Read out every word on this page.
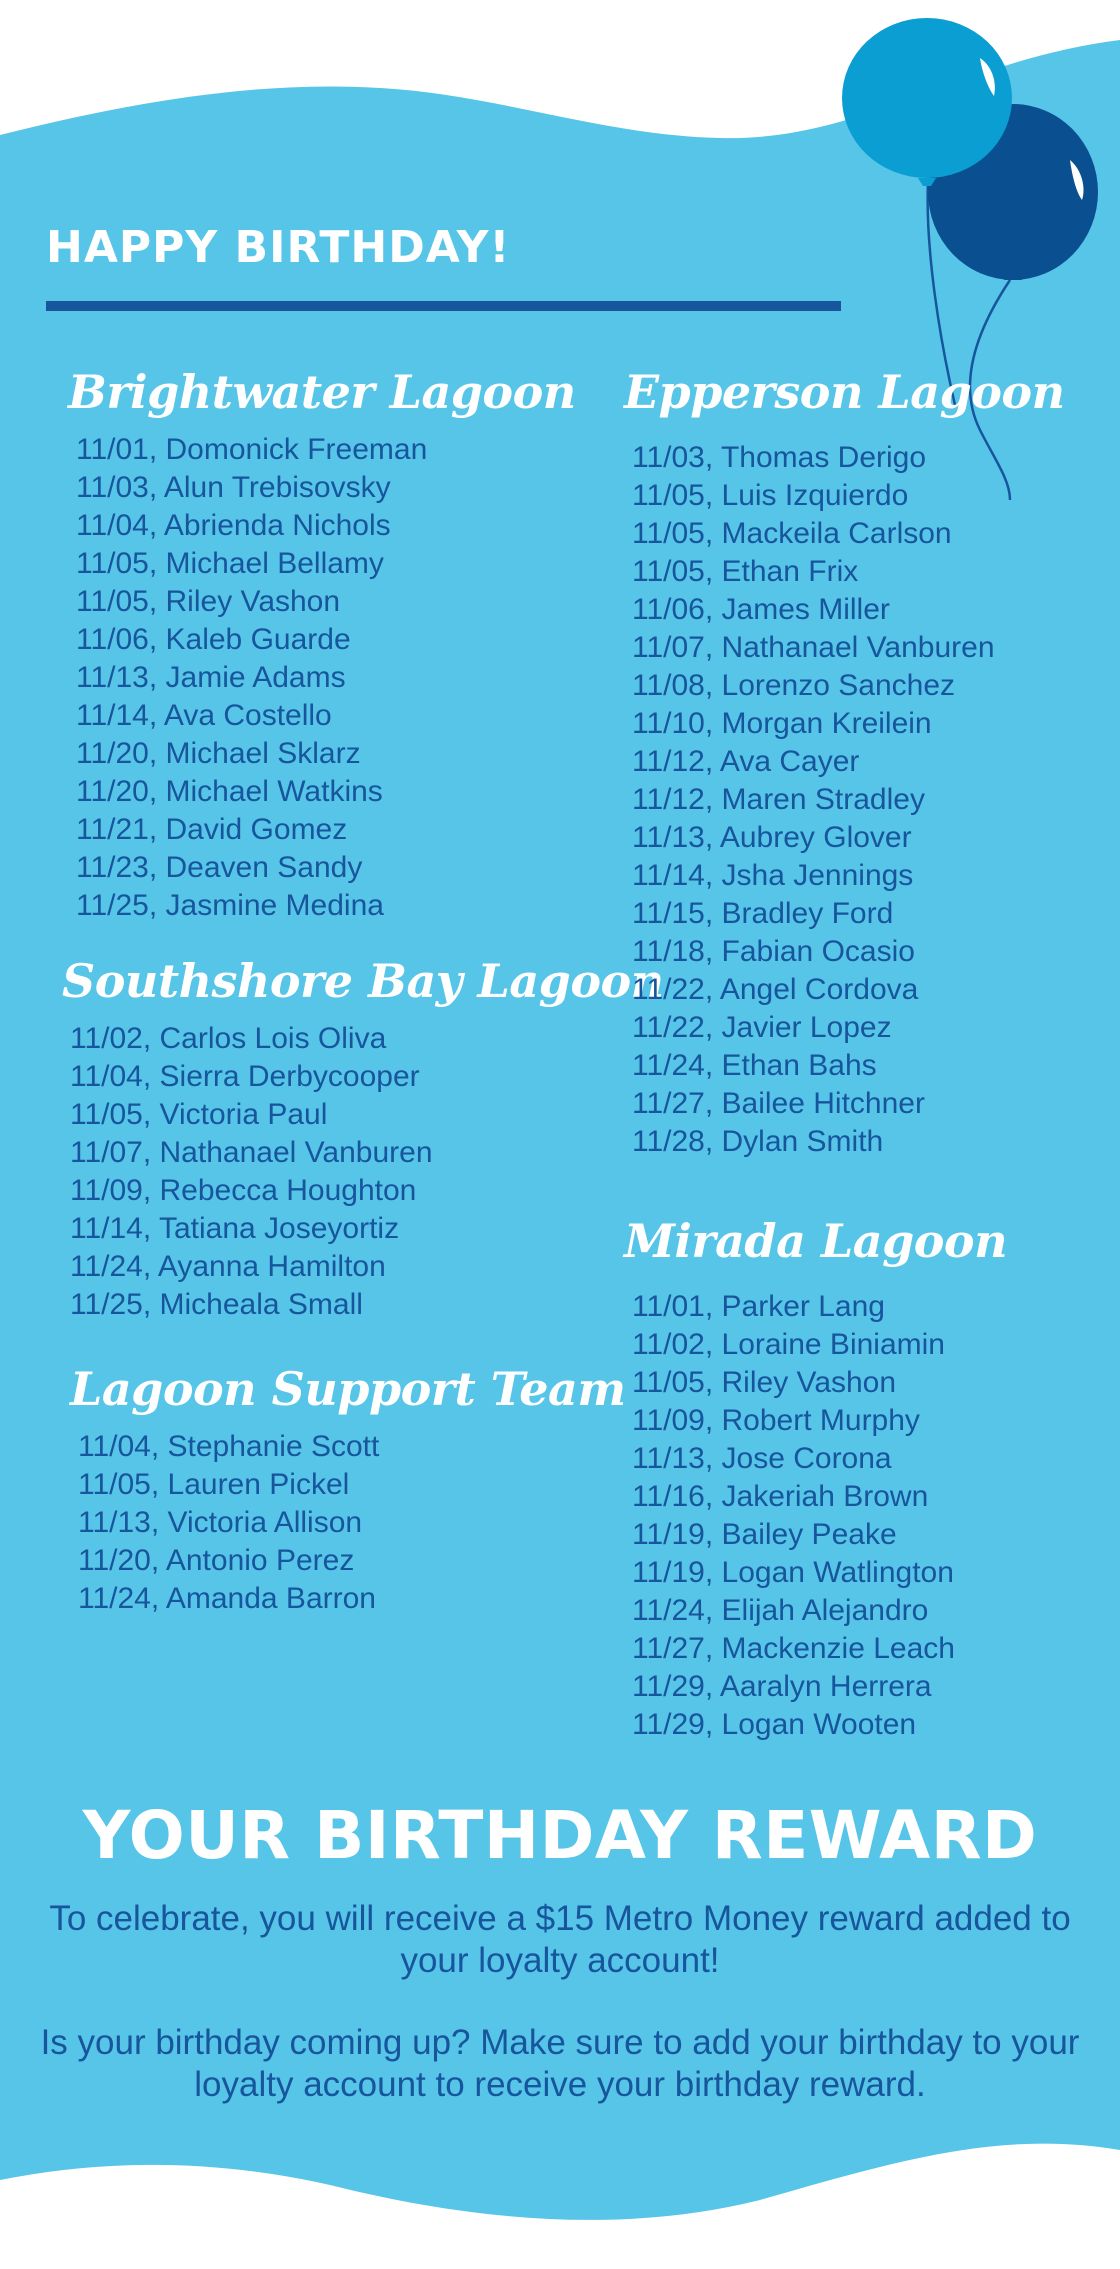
HAPPY BIRTHDAY!
Brightwater Lagoon
11/01, Domonick Freeman
11/03, Alun Trebisovsky
11/04, Abrienda Nichols
11/05, Michael Bellamy
11/05, Riley Vashon
11/06, Kaleb Guarde
11/13, Jamie Adams
11/14, Ava Costello
11/20, Michael Sklarz
11/20, Michael Watkins
11/21, David Gomez
11/23, Deaven Sandy
11/25, Jasmine Medina
Southshore Bay Lagoon
11/02, Carlos Lois Oliva
11/04, Sierra Derbycooper
11/05, Victoria Paul
11/07, Nathanael Vanburen
11/09, Rebecca Houghton
11/14, Tatiana Joseyortiz
11/24, Ayanna Hamilton
11/25, Micheala Small
Lagoon Support Team
11/04, Stephanie Scott
11/05, Lauren Pickel
11/13, Victoria Allison
11/20, Antonio Perez
11/24, Amanda Barron
Epperson Lagoon
11/03, Thomas Derigo
11/05, Luis Izquierdo
11/05, Mackeila Carlson
11/05, Ethan Frix
11/06, James Miller
11/07, Nathanael Vanburen
11/08, Lorenzo Sanchez
11/10, Morgan Kreilein
11/12, Ava Cayer
11/12, Maren Stradley
11/13, Aubrey Glover
11/14, Jsha Jennings
11/15, Bradley Ford
11/18, Fabian Ocasio
11/22, Angel Cordova
11/22, Javier Lopez
11/24, Ethan Bahs
11/27, Bailee Hitchner
11/28, Dylan Smith
Mirada Lagoon
11/01, Parker Lang
11/02, Loraine Biniamin
11/05, Riley Vashon
11/09, Robert Murphy
11/13, Jose Corona
11/16, Jakeriah Brown
11/19, Bailey Peake
11/19, Logan Watlington
11/24, Elijah Alejandro
11/27, Mackenzie Leach
11/29, Aaralyn Herrera
11/29, Logan Wooten
YOUR BIRTHDAY REWARD

To celebrate, you will receive a $15 Metro Money reward added to your loyalty account!

Is your birthday coming up? Make sure to add your birthday to your loyalty account to receive your birthday reward.
